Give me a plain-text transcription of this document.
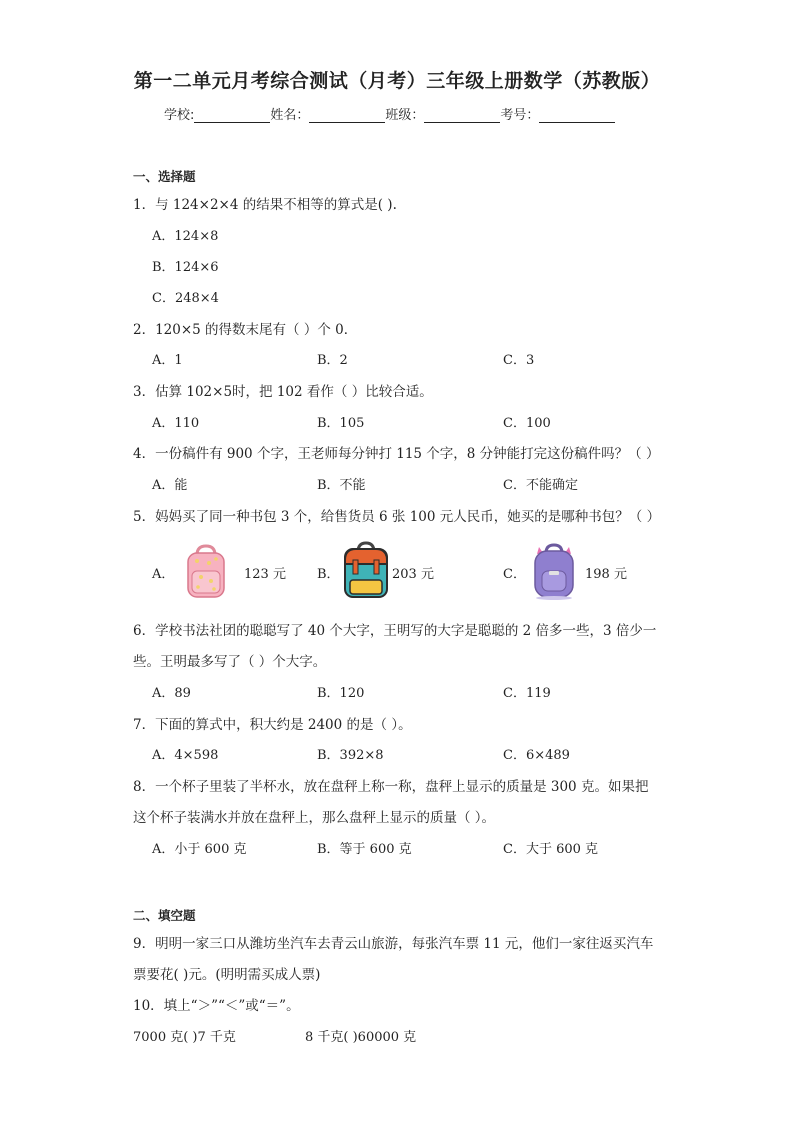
第一二单元月考综合测试（月考）三年级上册数学（苏教版）
学校:	姓名：	班级：	考号：
一、选择题
1．与 124×2×4 的结果不相等的算式是( ).
A．124×8
B．124×6
C．248×4
2．120×5 的得数末尾有（ ）个 0．
A．1	B．2	C．3
3．估算 102×5时，把 102 看作（ ）比较合适。
A．110	B．105	C．100
4．一份稿件有 900 个字，王老师每分钟打 115 个字，8 分钟能打完这份稿件吗？（ ）
A．能	B．不能	C．不能确定
5．妈妈买了同一种书包 3 个，给售货员 6 张 100 元人民币，她买的是哪种书包？（ ）
A．	123 元 B．	203 元	C．	198 元
6．学校书法社团的聪聪写了 40 个大字，王明写的大字是聪聪的 2 倍多一些，3 倍少一
些。王明最多写了（ ）个大字。
A．89	B．120	C．119
7．下面的算式中，积大约是 2400 的是（ ）。
A．4×598	B．392×8	C．6×489
8．一个杯子里装了半杯水，放在盘秤上称一称，盘秤上显示的质量是 300 克。如果把
这个杯子装满水并放在盘秤上，那么盘秤上显示的质量（ ）。
A．小于 600 克	B．等于 600 克	C．大于 600 克
二、填空题
9．明明一家三口从潍坊坐汽车去青云山旅游，每张汽车票 11 元，他们一家往返买汽车
票要花( )元。(明明需买成人票)
10．填上“＞”“＜”或“＝”。
7000 克( )7 千克	8 千克( )60000 克
